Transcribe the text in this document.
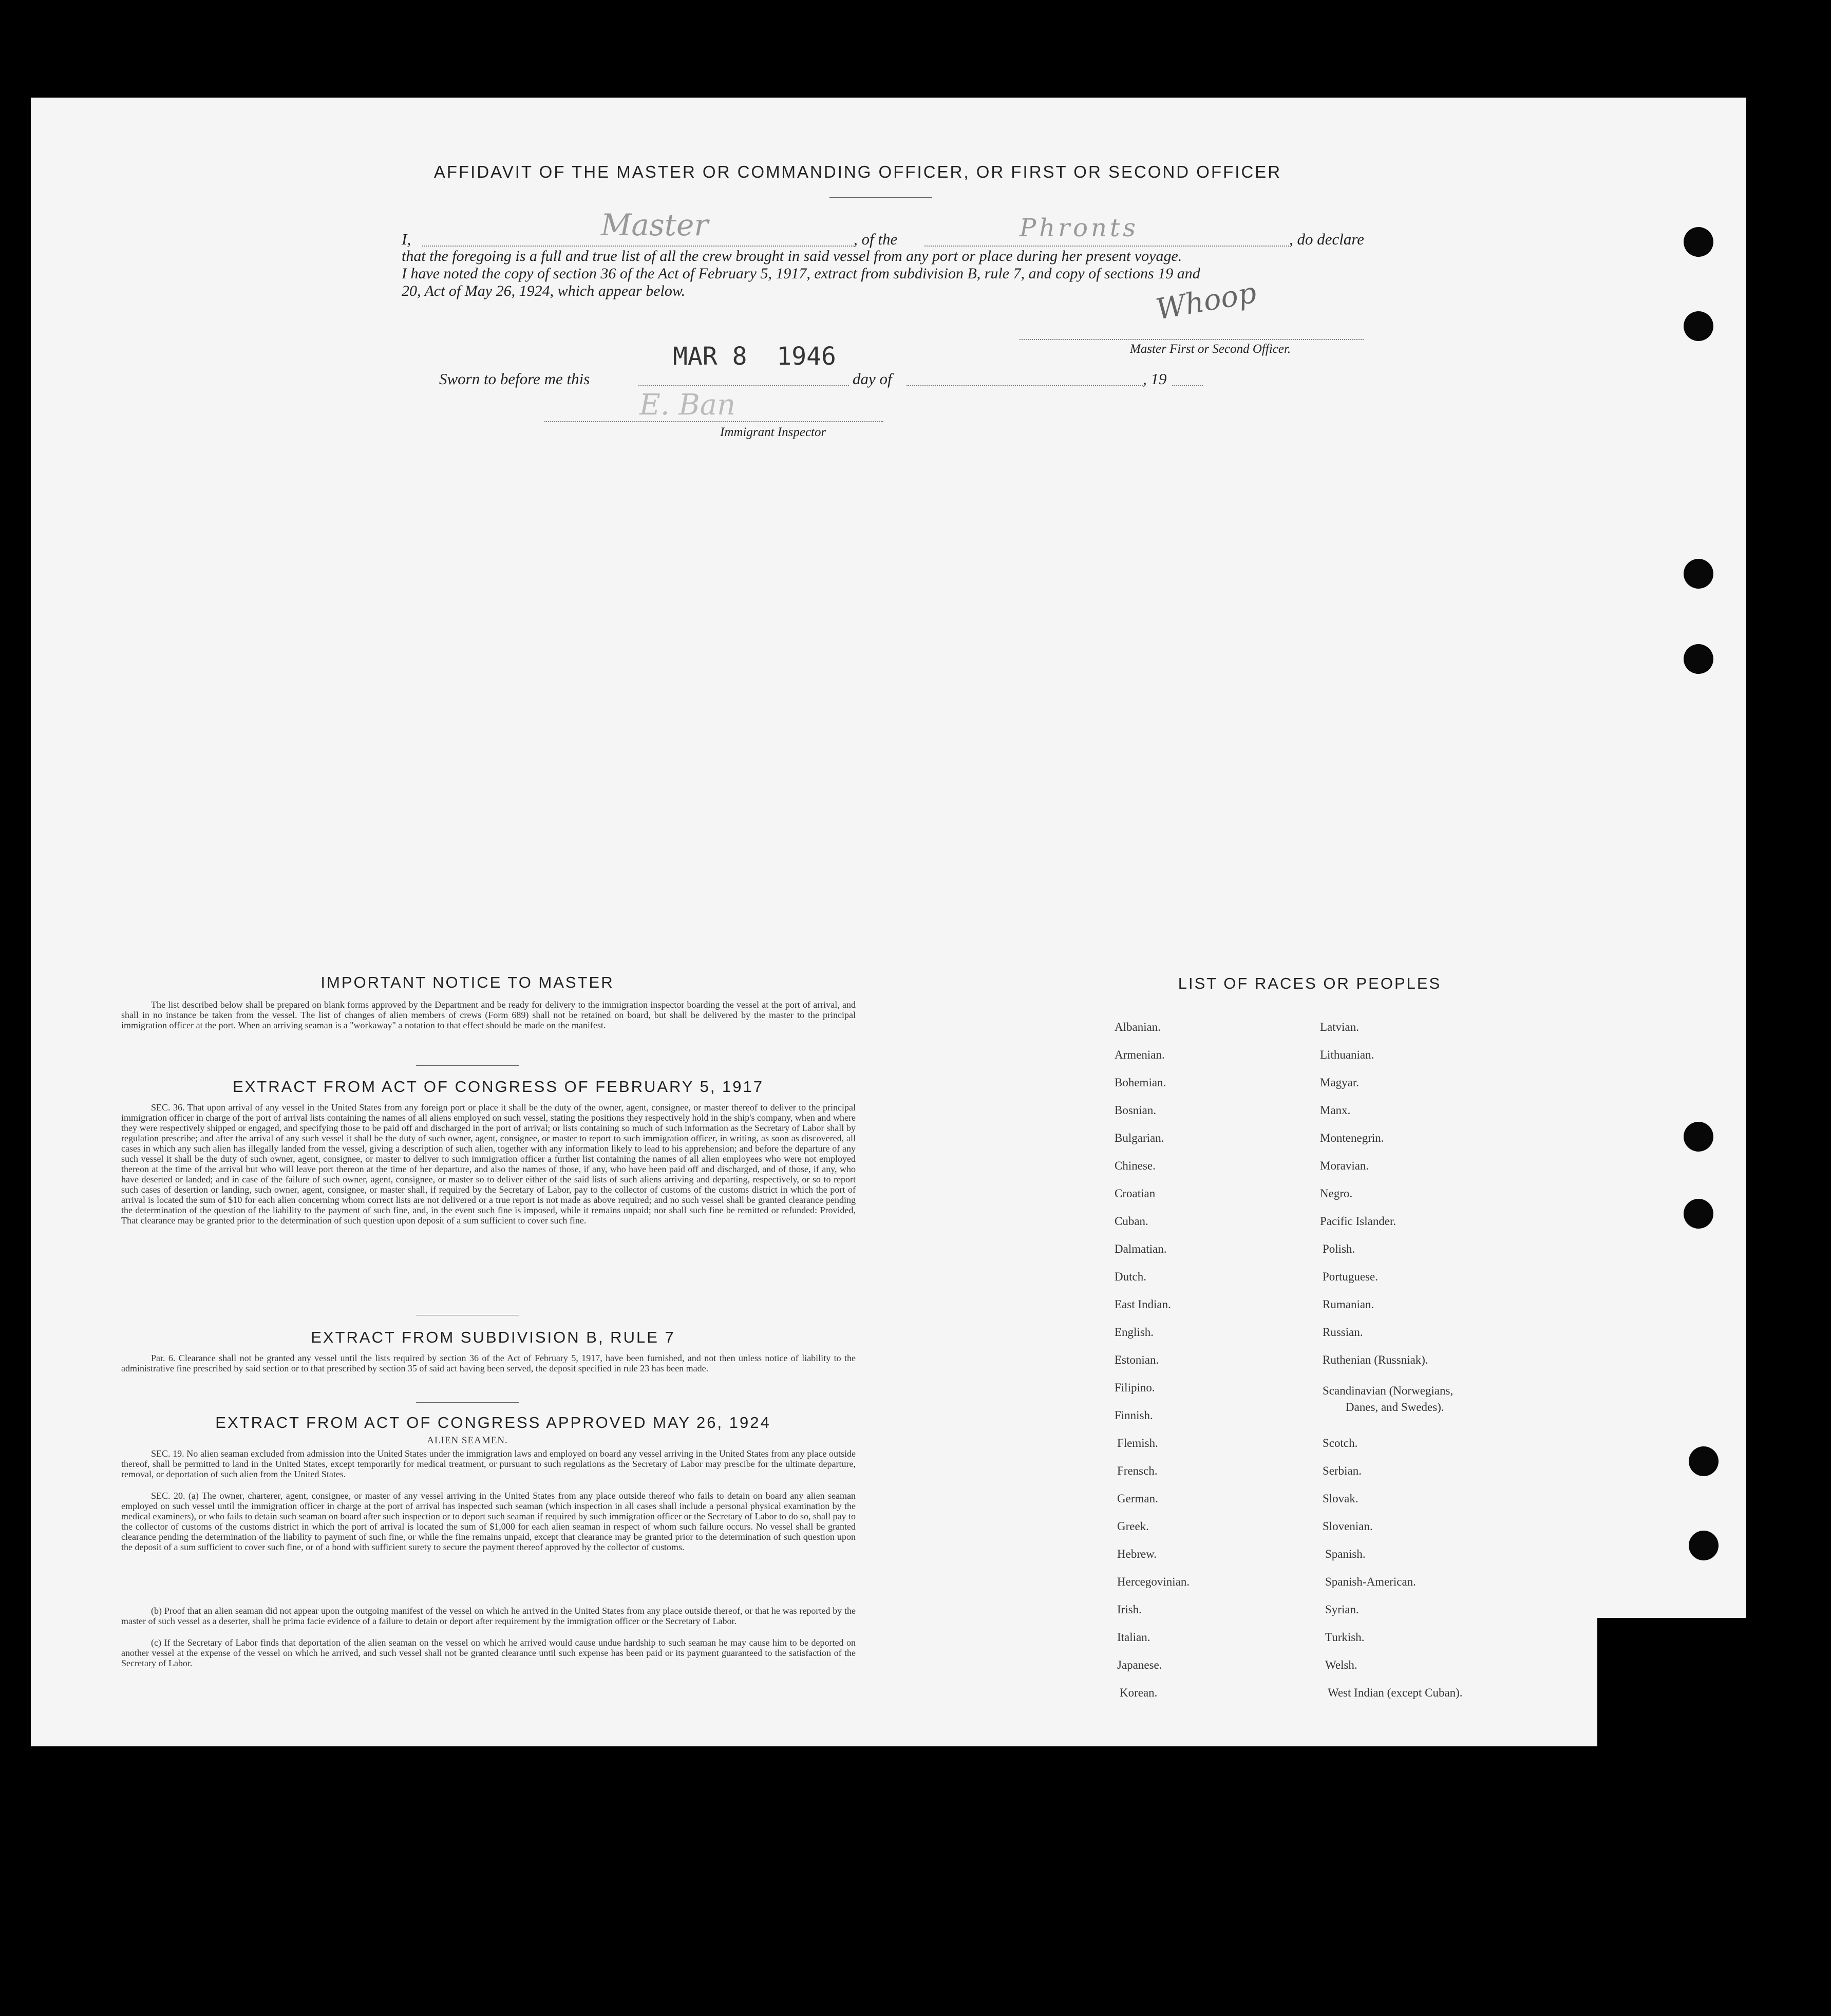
AFFIDAVIT OF THE MASTER OR COMMANDING OFFICER, OR FIRST OR SECOND OFFICER
I,	Master	, of the	Phronts	, do declare
that the foregoing is a full and true list of all the crew brought in said vessel from any port or place during her present voyage.
I have noted the copy of section 36 of the Act of February 5, 1917, extract from subdivision B, rule 7, and copy of sections 19 and
20, Act of May 26, 1924, which appear below.	Whoop
Master First or Second Officer.
MAR 8  1946
Sworn to before me this	day of	, 19
E. Ban
Immigrant Inspector
IMPORTANT NOTICE TO MASTER
The list described below shall be prepared on blank forms approved by the Department and be ready for delivery to the immigration inspector boarding the vessel at the port of arrival, and shall in no instance be taken from the vessel. The list of changes of alien members of crews (Form 689) shall not be retained on board, but shall be delivered by the master to the principal immigration officer at the port. When an arriving seaman is a "workaway" a notation to that effect should be made on the manifest.
EXTRACT FROM ACT OF CONGRESS OF FEBRUARY 5, 1917
SEC. 36. That upon arrival of any vessel in the United States from any foreign port or place it shall be the duty of the owner, agent, consignee, or master thereof to deliver to the principal immigration officer in charge of the port of arrival lists containing the names of all aliens employed on such vessel, stating the positions they respectively hold in the ship's company, when and where they were respectively shipped or engaged, and specifying those to be paid off and discharged in the port of arrival; or lists containing so much of such information as the Secretary of Labor shall by regulation prescribe; and after the arrival of any such vessel it shall be the duty of such owner, agent, consignee, or master to report to such immigration officer, in writing, as soon as discovered, all cases in which any such alien has illegally landed from the vessel, giving a description of such alien, together with any information likely to lead to his apprehension; and before the departure of any such vessel it shall be the duty of such owner, agent, consignee, or master to deliver to such immigration officer a further list containing the names of all alien employees who were not employed thereon at the time of the arrival but who will leave port thereon at the time of her departure, and also the names of those, if any, who have been paid off and discharged, and of those, if any, who have deserted or landed; and in case of the failure of such owner, agent, consignee, or master so to deliver either of the said lists of such aliens arriving and departing, respectively, or so to report such cases of desertion or landing, such owner, agent, consignee, or master shall, if required by the Secretary of Labor, pay to the collector of customs of the customs district in which the port of arrival is located the sum of $10 for each alien concerning whom correct lists are not delivered or a true report is not made as above required; and no such vessel shall be granted clearance pending the determination of the question of the liability to the payment of such fine, and, in the event such fine is imposed, while it remains unpaid; nor shall such fine be remitted or refunded: Provided, That clearance may be granted prior to the determination of such question upon deposit of a sum sufficient to cover such fine.
EXTRACT FROM SUBDIVISION B, RULE 7
Par. 6. Clearance shall not be granted any vessel until the lists required by section 36 of the Act of February 5, 1917, have been furnished, and not then unless notice of liability to the administrative fine prescribed by said section or to that prescribed by section 35 of said act having been served, the deposit specified in rule 23 has been made.
EXTRACT FROM ACT OF CONGRESS APPROVED MAY 26, 1924
ALIEN SEAMEN.
SEC. 19. No alien seaman excluded from admission into the United States under the immigration laws and employed on board any vessel arriving in the United States from any place outside thereof, shall be permitted to land in the United States, except temporarily for medical treatment, or pursuant to such regulations as the Secretary of Labor may prescibe for the ultimate departure, removal, or deportation of such alien from the United States.
SEC. 20. (a) The owner, charterer, agent, consignee, or master of any vessel arriving in the United States from any place outside thereof who fails to detain on board any alien seaman employed on such vessel until the immigration officer in charge at the port of arrival has inspected such seaman (which inspection in all cases shall include a personal physical examination by the medical examiners), or who fails to detain such seaman on board after such inspection or to deport such seaman if required by such immigration officer or the Secretary of Labor to do so, shall pay to the collector of customs of the customs district in which the port of arrival is located the sum of $1,000 for each alien seaman in respect of whom such failure occurs. No vessel shall be granted clearance pending the determination of the liability to payment of such fine, or while the fine remains unpaid, except that clearance may be granted prior to the determination of such question upon the deposit of a sum sufficient to cover such fine, or of a bond with sufficient surety to secure the payment thereof approved by the collector of customs.
(b) Proof that an alien seaman did not appear upon the outgoing manifest of the vessel on which he arrived in the United States from any place outside thereof, or that he was reported by the master of such vessel as a deserter, shall be prima facie evidence of a failure to detain or deport after requirement by the immigration officer or the Secretary of Labor.
(c) If the Secretary of Labor finds that deportation of the alien seaman on the vessel on which he arrived would cause undue hardship to such seaman he may cause him to be deported on another vessel at the expense of the vessel on which he arrived, and such vessel shall not be granted clearance until such expense has been paid or its payment guaranteed to the satisfaction of the Secretary of Labor.
LIST OF RACES OR PEOPLES
Albanian.
Armenian.
Bohemian.
Bosnian.
Bulgarian.
Chinese.
Croatian
Cuban.
Dalmatian.
Dutch.
East Indian.
English.
Estonian.
Filipino.
Finnish.
Flemish.
Frensch.
German.
Greek.
Hebrew.
Hercegovinian.
Irish.
Italian.
Japanese.
Korean.
Latvian.
Lithuanian.
Magyar.
Manx.
Montenegrin.
Moravian.
Negro.
Pacific Islander.
Polish.
Portuguese.
Rumanian.
Russian.
Ruthenian (Russniak).
Scandinavian (Norwegians,
Danes, and Swedes).
Scotch.
Serbian.
Slovak.
Slovenian.
Spanish.
Spanish-American.
Syrian.
Turkish.
Welsh.
West Indian (except Cuban).
